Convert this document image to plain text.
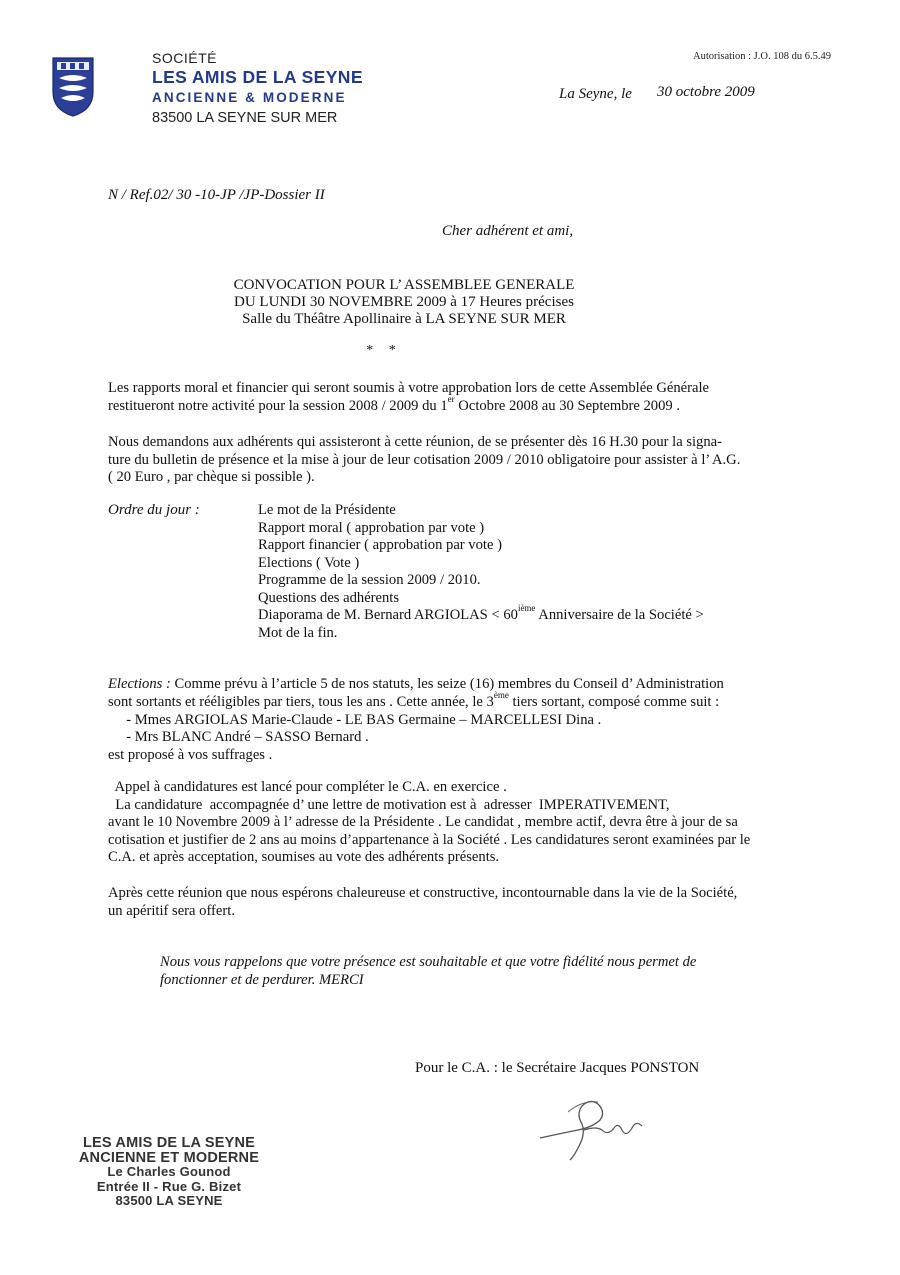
SOCIÉTÉ
LES AMIS DE LA SEYNE
ANCIENNE & MODERNE
83500 LA SEYNE SUR MER
Autorisation : J.O. 108 du 6.5.49
La Seyne, le 30 octobre 2009
N / Ref.02/ 30 -10-JP /JP-Dossier II
Cher adhérent et ami,
CONVOCATION POUR L’ ASSEMBLEE GENERALE
DU LUNDI 30 NOVEMBRE 2009 à 17 Heures précises
Salle du Théâtre Apollinaire à LA SEYNE SUR MER
* *
Les rapports moral et financier qui seront soumis à votre approbation lors de cette Assemblée Générale
restitueront notre activité pour la session 2008 / 2009 du 1er Octobre 2008 au 30 Septembre 2009 .
Nous demandons aux adhérents qui assisteront à cette réunion, de se présenter dès 16 H.30 pour la signa-
ture du bulletin de présence et la mise à jour de leur cotisation 2009 / 2010 obligatoire pour assister à l’ A.G.
( 20 Euro , par chèque si possible ).
Ordre du jour :	Le mot de la Présidente
Rapport moral ( approbation par vote )
Rapport financier ( approbation par vote )
Elections ( Vote )
Programme de la session 2009 / 2010.
Questions des adhérents
Diaporama de M. Bernard ARGIOLAS < 60ième Anniversaire de la Société >
Mot de la fin.
Elections : Comme prévu à l’article 5 de nos statuts, les seize (16) membres du Conseil d’ Administration
sont sortants et rééligibles par tiers, tous les ans . Cette année, le 3ème tiers sortant, composé comme suit :
- Mmes ARGIOLAS Marie-Claude - LE BAS Germaine – MARCELLESI Dina .
- Mrs BLANC André – SASSO Bernard .
est proposé à vos suffrages .
Appel à candidatures est lancé pour compléter le C.A. en exercice .
La candidature  accompagnée d’ une lettre de motivation est à  adresser  IMPERATIVEMENT,
avant le 10 Novembre 2009 à l’ adresse de la Présidente . Le candidat , membre actif, devra être à jour de sa
cotisation et justifier de 2 ans au moins d’appartenance à la Société . Les candidatures seront examinées par le
C.A. et après acceptation, soumises au vote des adhérents présents.
Après cette réunion que nous espérons chaleureuse et constructive, incontournable dans la vie de la Société,
un apéritif sera offert.
Nous vous rappelons que votre présence est souhaitable et que votre fidélité nous permet de
fonctionner et de perdurer. MERCI
Pour le C.A. : le Secrétaire Jacques PONSTON
LES AMIS DE LA SEYNE
ANCIENNE ET MODERNE
Le Charles Gounod
Entrée II - Rue G. Bizet
83500 LA SEYNE
